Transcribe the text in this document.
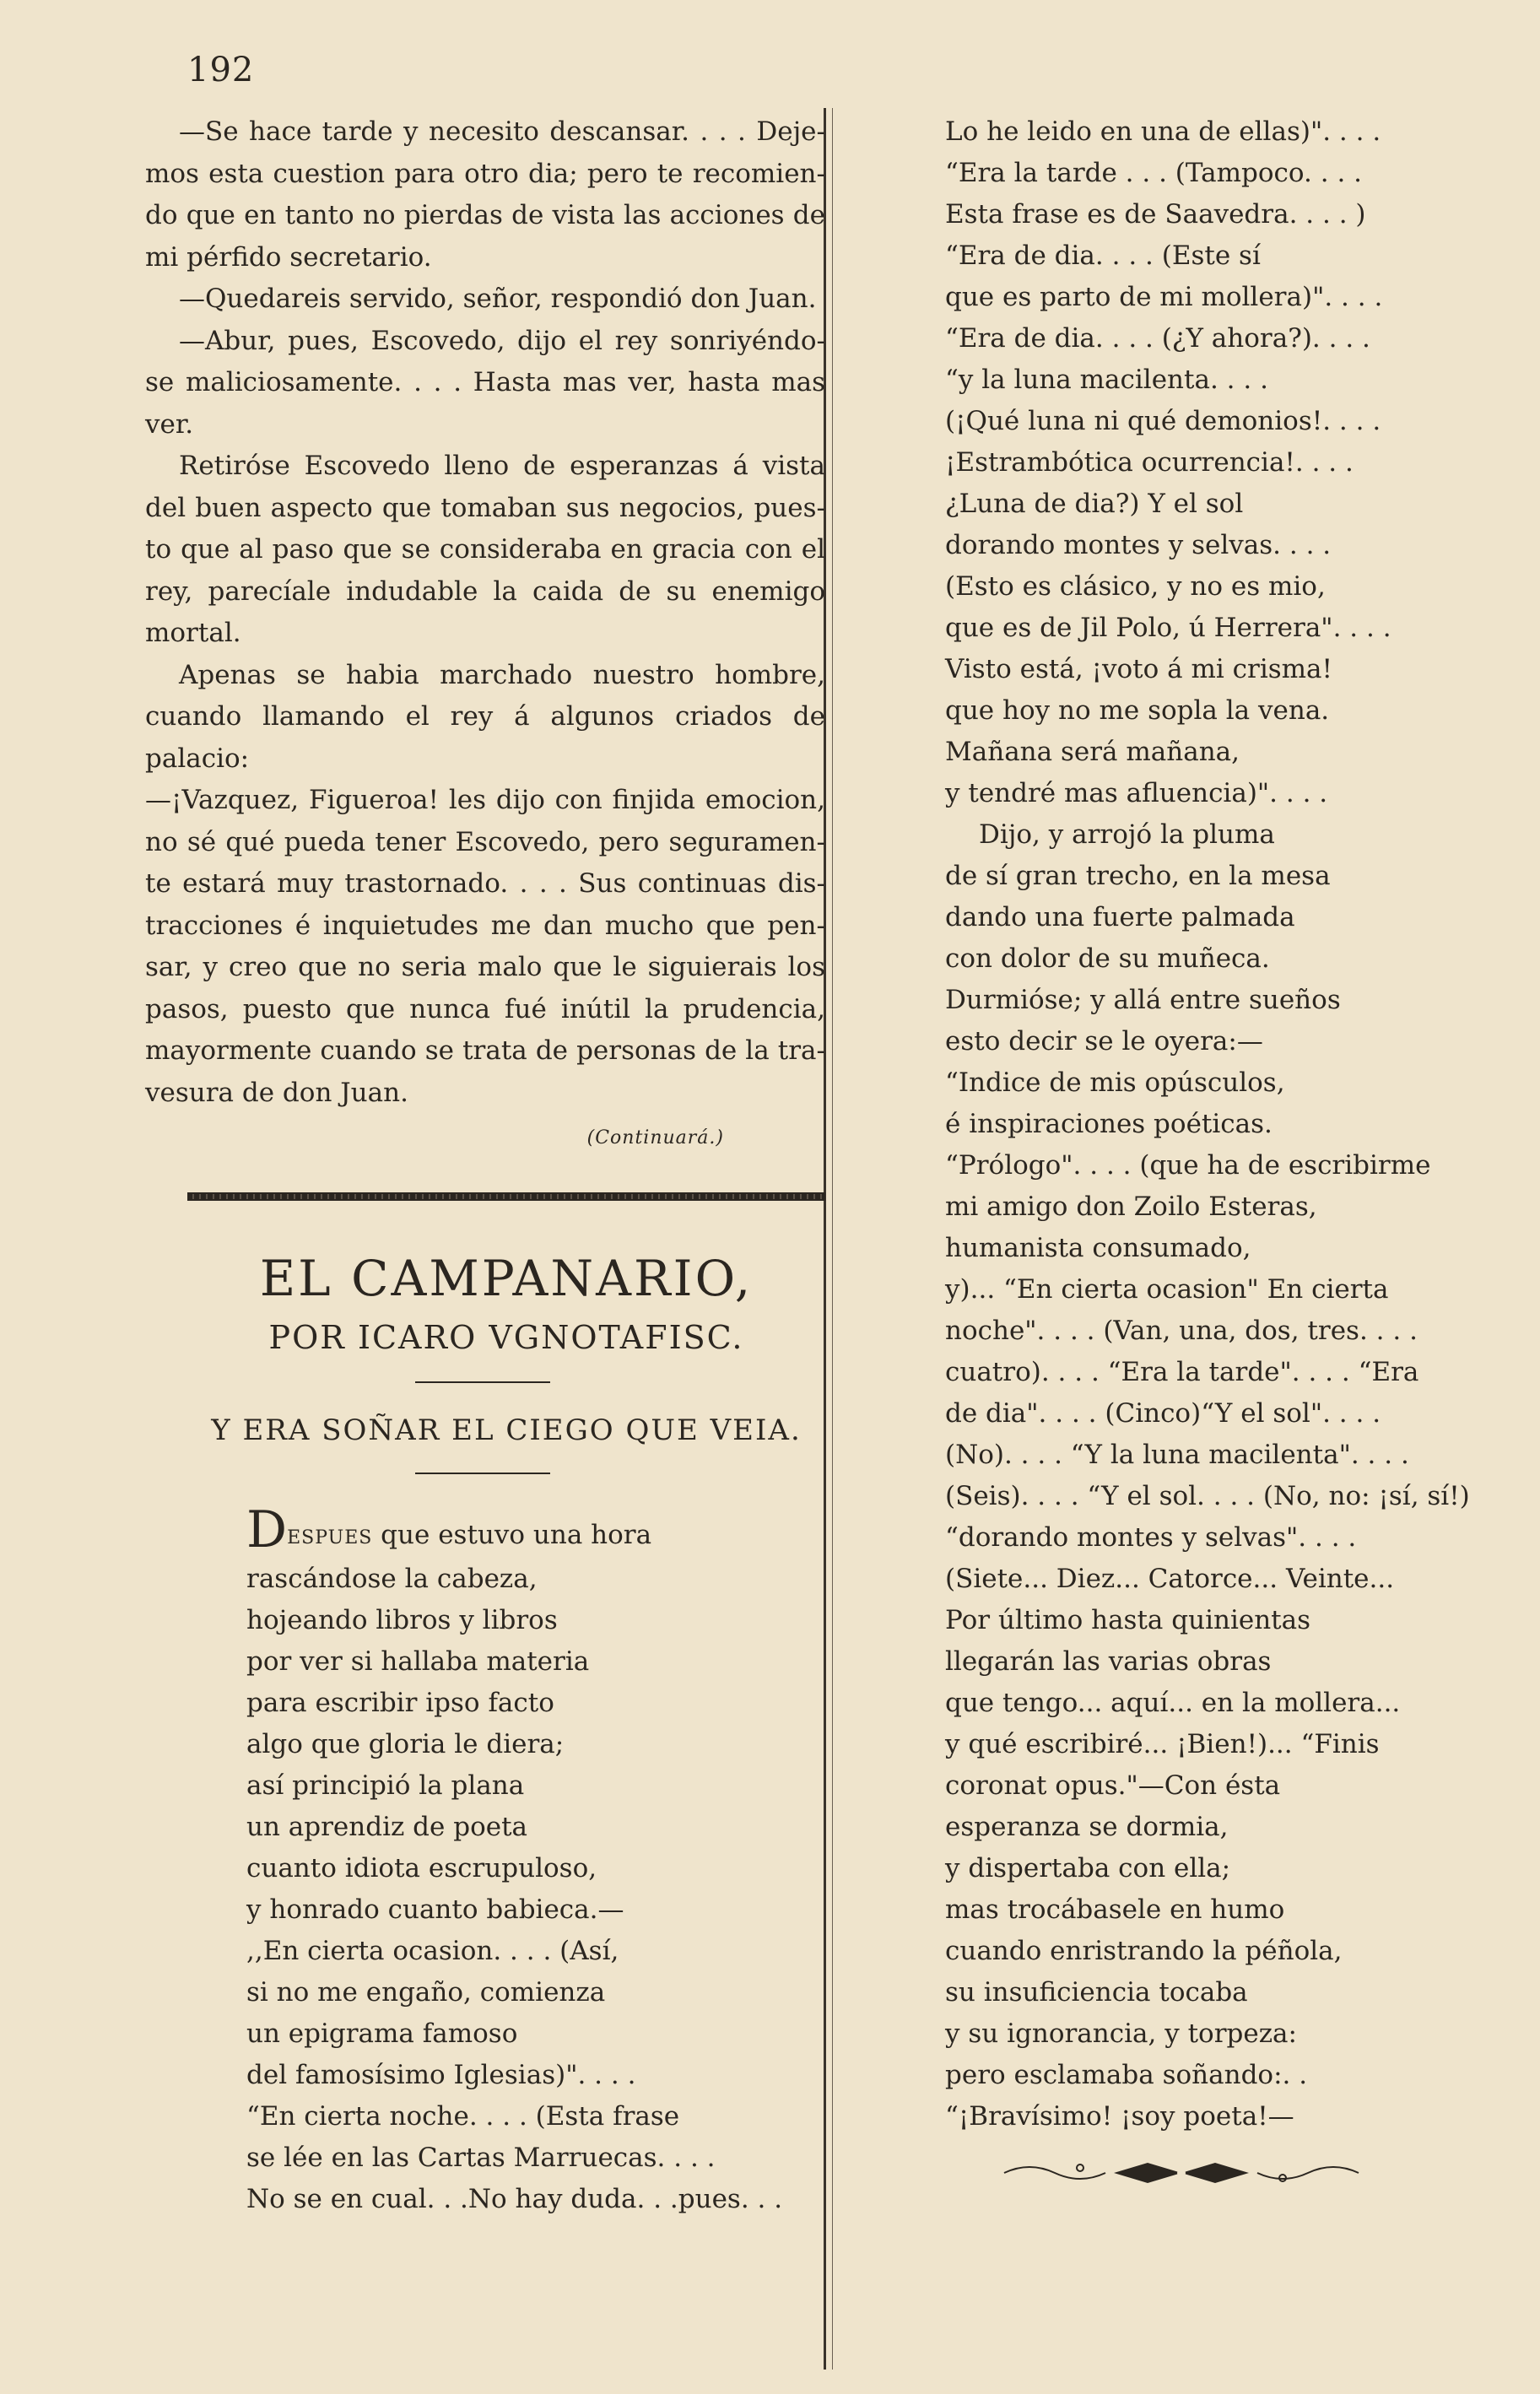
192

—Se hace tarde y necesito descansar. . . . Deje-mos esta cuestion para otro dia; pero te recomien-do que en tanto no pierdas de vista las acciones de mi pérfido secretario.

—Quedareis servido, señor, respondió don Juan.

—Abur, pues, Escovedo, dijo el rey sonriyéndo-se maliciosamente. . . . Hasta mas ver, hasta mas ver.

Retiróse Escovedo lleno de esperanzas á vista del buen aspecto que tomaban sus negocios, pues-to que al paso que se consideraba en gracia con el rey, parecíale indudable la caida de su enemigo mortal.

Apenas se habia marchado nuestro hombre, cuando llamando el rey á algunos criados de palacio:

—¡Vazquez, Figueroa! les dijo con finjida emocion, no sé qué pueda tener Escovedo, pero seguramen-te estará muy trastornado. . . . Sus continuas dis-tracciones é inquietudes me dan mucho que pen-sar, y creo que no seria malo que le siguierais los pasos, puesto que nunca fué inútil la prudencia, mayormente cuando se trata de personas de la tra-vesura de don Juan.

(Continuará.)
EL CAMPANARIO,
POR ICARO VGNOTAFISC.
Y ERA SOÑAR EL CIEGO QUE VEIA.
DESPUES que estuvo una hora
rascándose la cabeza,
hojeando libros y libros
por ver si hallaba materia
para escribir ipso facto
algo que gloria le diera;
así principió la plana
un aprendiz de poeta
cuanto idiota escrupuloso,
y honrado cuanto babieca.—
,,En cierta ocasion. . . . (Así,
si no me engaño, comienza
un epigrama famoso
del famosísimo Iglesias)". . . .
“En cierta noche. . . . (Esta frase
se lée en las Cartas Marruecas. . . .
No se en cual. . .No hay duda. . .pues. . .
Lo he leido en una de ellas)". . . .
“Era la tarde . . . (Tampoco. . . .
Esta frase es de Saavedra. . . . )
“Era de dia. . . . (Este sí
que es parto de mi mollera)". . . .
“Era de dia. . . . (¿Y ahora?). . . .
“y la luna macilenta. . . .
(¡Qué luna ni qué demonios!. . . .
¡Estrambótica ocurrencia!. . . .
¿Luna de dia?) Y el sol
dorando montes y selvas. . . .
(Esto es clásico, y no es mio,
que es de Jil Polo, ú Herrera". . . .
Visto está, ¡voto á mi crisma!
que hoy no me sopla la vena.
Mañana será mañana,
y tendré mas afluencia)". . . .
Dijo, y arrojó la pluma
de sí gran trecho, en la mesa
dando una fuerte palmada
con dolor de su muñeca.
Durmióse; y allá entre sueños
esto decir se le oyera:—
“Indice de mis opúsculos,
é inspiraciones poéticas.
“Prólogo". . . . (que ha de escribirme
mi amigo don Zoilo Esteras,
humanista consumado,
y)... “En cierta ocasion" En cierta
noche". . . . (Van, una, dos, tres. . . .
cuatro). . . . “Era la tarde". . . . “Era
de dia". . . . (Cinco)“Y el sol". . . .
(No). . . . “Y la luna macilenta". . . .
(Seis). . . . “Y el sol. . . . (No, no: ¡sí, sí!)
“dorando montes y selvas". . . .
(Siete... Diez... Catorce... Veinte...
Por último hasta quinientas
llegarán las varias obras
que tengo... aquí... en la mollera...
y qué escribiré... ¡Bien!)... “Finis
coronat opus."—Con ésta
esperanza se dormia,
y dispertaba con ella;
mas trocábasele en humo
cuando enristrando la péñola,
su insuficiencia tocaba
y su ignorancia, y torpeza:
pero esclamaba soñando:. .
“¡Bravísimo! ¡soy poeta!—
